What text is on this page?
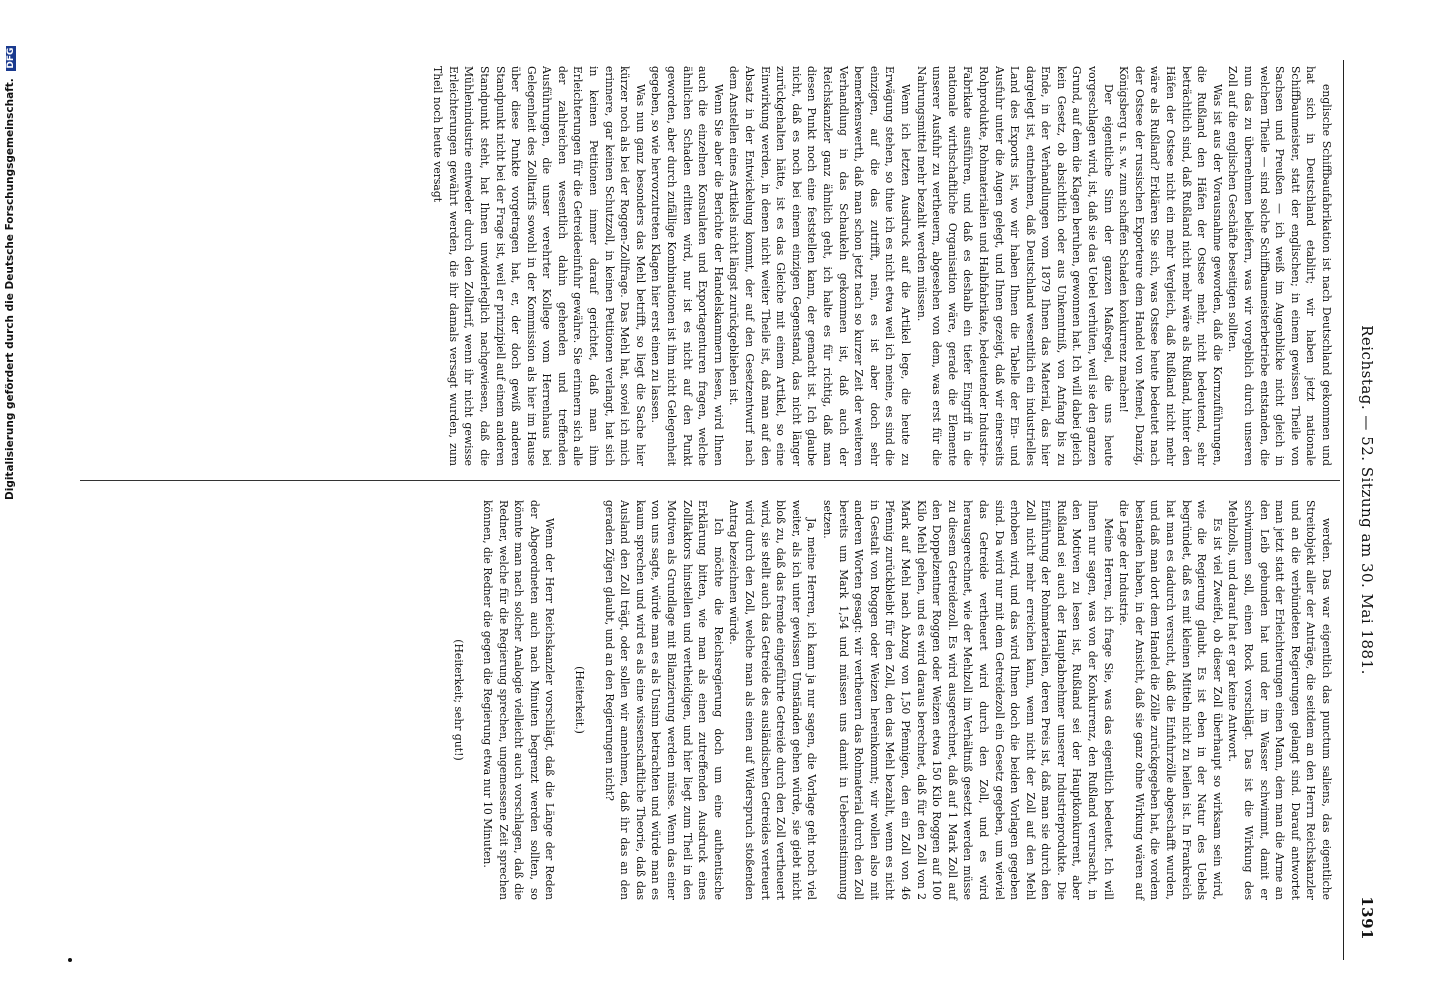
Digitalisierung gefördert durch die Deutsche Forschungsgemeinschaft. DFG
Reichstag. — 52. Sitzung am 30. Mai 1881.
1391

englische Schiffbaufabrikation ist nach Deutschland gekommen und hat sich in Deutschland etablirt; wir haben jetzt nationale Schiffbaumeister, statt der englischen; in einem gewissen Theile von Sachsen und Preußen — ich weiß im Augenblicke nicht gleich in welchem Theile — sind solche Schiffbaumeisterbetriebe entstanden, die nun das zu übernehmen beliefern, was wir vorgeblich durch unseren Zoll auf die englischen Geschäfte beseitigen sollten.

Was ist aus der Vorausnahme geworden, daß die Kornzuführungen, die Rußland den Häfen der Ostsee mehr, nicht bedeutend, sehr beträchtlich sind, daß Rußland nicht mehr wäre als Rußland, hinter den Häfen der Ostsee nicht ein mehr Vergleich, daß Rußland nicht mehr wäre als Rußland? Erklären Sie sich, was Ostsee heute bedeutet nach der Ostsee der russischen Exporteure dem Handel von Memel, Danzig, Königsberg u. s. w. zum schaffen Schaden konkurrenz machen!

Der eigentliche Sinn der ganzen Maßregel, die uns heute vorgeschlagen wird, ist, daß sie das Uebel verhüten, weil sie den ganzen Grund, auf dem die Klagen beruhen, gewonnen hat. Ich will dabei gleich kein Gesetz, ob absichtlich oder aus Unkenntniß, von Anfang bis zu Ende, in der Verhandlungen vom 1879 Ihnen das Material, das hier dargelegt ist, entnehmen, daß Deutschland wesentlich ein industrielles Land des Exports ist, wo wir haben Ihnen die Tabelle der Ein- und Ausfuhr unter die Augen gelegt, und Ihnen gezeigt, daß wir einerseits Rohprodukte, Rohmaterialien und Halbfabrikate, bedeutender Industrie-Fabrikate ausführen, und daß es deshalb ein tiefer Eingriff in die nationale wirthschaftliche Organisation wäre, gerade die Elemente unserer Ausfuhr zu vertheuern, abgesehen von dem, was erst für die Nahrungsmittel mehr bezahlt werden müssen.

Wenn ich letzten Ausdruck auf die Artikel lege, die heute zu Erwägung stehen, so thue ich es nicht etwa weil ich meine, es sind die einzigen, auf die das zutrifft, nein, es ist aber doch sehr bemerkenswerth, daß man schon jetzt nach so kurzer Zeit der weiteren Verhandlung in das Schaukeln gekommen ist, daß auch der Reichskanzler ganz ähnlich geht, ich halte es für richtig, daß man diesen Punkt noch eine feststellen kann, der gemacht ist. Ich glaube nicht, daß es noch bei einem einzigen Gegenstand, das nicht länger zurückgehalten hätte, ist es das Gleiche mit einem Artikel, so eine Einwirkung werden, in denen nicht weiter Theile ist, daß man auf den Absatz in der Entwickelung kommt, der auf den Gesetzentwurf nach dem Anstellen eines Artikels nicht längst zurückgeblieben ist.

Wenn Sie aber die Berichte der Handelskammern lesen, wird Ihnen auch die einzelnen Konsulaten und Exportagenturen fragen, welche ähnlichen Schaden erlitten wird, nur ist es nicht auf den Punkt geworden, aber durch zufällige Kombinationen ist ihm nicht Gelegenheit gegeben, so wie hervorzutreten Klagen hier erst einen zu lassen.

Was nun ganz besonders das Mehl betrifft, so liegt die Sache hier kürzer noch als bei der Roggen-Zollfrage. Das Mehl hat, soviel ich mich erinnere, gar keinen Schutzzoll, in keinen Petitionen verlangt, hat sich in keinen Petitionen immer darauf gerichtet, daß man ihm Erleichterungen für die Getreideeinfuhr gewähre. Sie erinnern sich alle der zahlreichen wesentlich dahin gehenden und treffenden Ausführungen, die unser verehrter Kollege vom Herrenhaus bei Gelegenheit des Zolltarifs sowohl in der Kommission als hier im Hause über diese Punkte vorgetragen hat, er, der doch gewiß anderen Standpunkt nicht bei der Frage ist, weil er prinzipiell auf einem anderen Standpunkt steht, hat Ihnen unwiderleglich nachgewiesen, daß die Mühlenindustrie entweder durch den Zolltarif, wenn ihr nicht gewisse Erleichterungen gewährt werden, die ihr damals versagt wurden, zum Theil noch heute versagt

werden. Das war eigentlich das punctum saliens, das eigentliche Streitobjekt aller der Anträge, die seitdem an den Herrn Reichskanzler und an die verbündeten Regierungen gelangt sind. Darauf antwortet man jetzt statt der Erleichterungen einen Mann, dem man die Arme an den Leib gebunden hat und der im Wasser schwimmt, damit er schwimmen soll, einen Rock vorschlägt. Das ist die Wirkung des Mehlzolls, und darauf hat er gar keine Antwort.

Es ist viel Zweifel, ob dieser Zoll überhaupt so wirksam sein wird, wie die Regierung glaubt. Es ist eben in der Natur des Uebels begründet, daß es mit kleinen Mitteln nicht zu heilen ist. In Frankreich hat man es dadurch versucht, daß die Einfuhrzölle abgeschafft wurden, und daß man dort dem Handel die Zölle zurückgegeben hat, die vordem bestanden haben, in der Ansicht, daß sie ganz ohne Wirkung wären auf die Lage der Industrie.

Meine Herren, ich frage Sie, was das eigentlich bedeutet. Ich will Ihnen nur sagen, was von der Konkurrenz, den Rußland verursacht, in den Motiven zu lesen ist, Rußland sei der Hauptkonkurrent, aber Rußland sei auch der Hauptabnehmer unserer Industrieprodukte. Die Einführung der Rohmaterialien, deren Preis ist, daß man sie durch den Zoll nicht mehr erreichen kann, wenn nicht der Zoll auf den Mehl erhoben wird, und das wird Ihnen doch die beiden Vorlagen gegeben sind. Da wird nur mit dem Getreidezoll ein Gesetz gegeben, um wieviel das Getreide vertheuert wird durch den Zoll, und es wird herausgerechnet, wie der Mehlzoll im Verhältniß gesetzt werden müsse zu diesem Getreidezoll. Es wird ausgerechnet, daß auf 1 Mark Zoll auf den Doppelzentner Roggen oder Weizen etwa 150 Kilo Roggen auf 100 Kilo Mehl gehen, und es wird daraus berechnet, daß für den Zoll von 2 Mark auf Mehl nach Abzug von 1,50 Pfennigen, den ein Zoll von 46 Pfennig zurückbleibt für den Zoll, den das Mehl bezahlt, wenn es nicht in Gestalt von Roggen oder Weizen hereinkommt; wir wollen also mit anderen Worten gesagt: wir vertheuern das Rohmaterial durch den Zoll bereits um Mark 1,54 und müssen uns damit in Uebereinstimmung setzen.

Ja, meine Herren, ich kann ja nur sagen, die Vorlage geht noch viel weiter, als ich unter gewissen Umständen gehen würde, sie giebt nicht bloß zu, daß das fremde eingeführte Getreide durch den Zoll vertheuert wird, sie stellt auch das Getreide des ausländischen Getreides verteuert wird durch den Zoll, welche man als einen auf Widerspruch stoßenden Antrag bezeichnen würde.

Ich möchte die Reichsregierung doch um eine authentische Erklärung bitten, wie man als einen zutreffenden Ausdruck eines Zollfaktors hinstellen und vertheidigen, und hier liegt zum Theil in den Motiven als Grundlage mit Bilanzierung werden müsse. Wenn das einer von uns sagte, würde man es als Unsinn betrachten und würde man es kaum sprechen und wird es als eine wissenschaftliche Theorie, daß das Ausland den Zoll trägt, oder sollen wir annehmen, daß ihr das an den geraden Zügen glaubt, und an den Regierungen nicht?

(Heiterkeit.)

Wenn der Herr Reichskanzler vorschlägt, daß die Länge der Reden der Abgeordneten auch nach Minuten begrenzt werden sollten, so könnte man nach solcher Analogie vielleicht auch vorschlagen, daß die Redner, welche für die Regierung sprechen, ungemessene Zeit sprechen können, die Redner die gegen die Regierung etwa nur 10 Minuten.

(Heiterkeit; sehr gut!)
